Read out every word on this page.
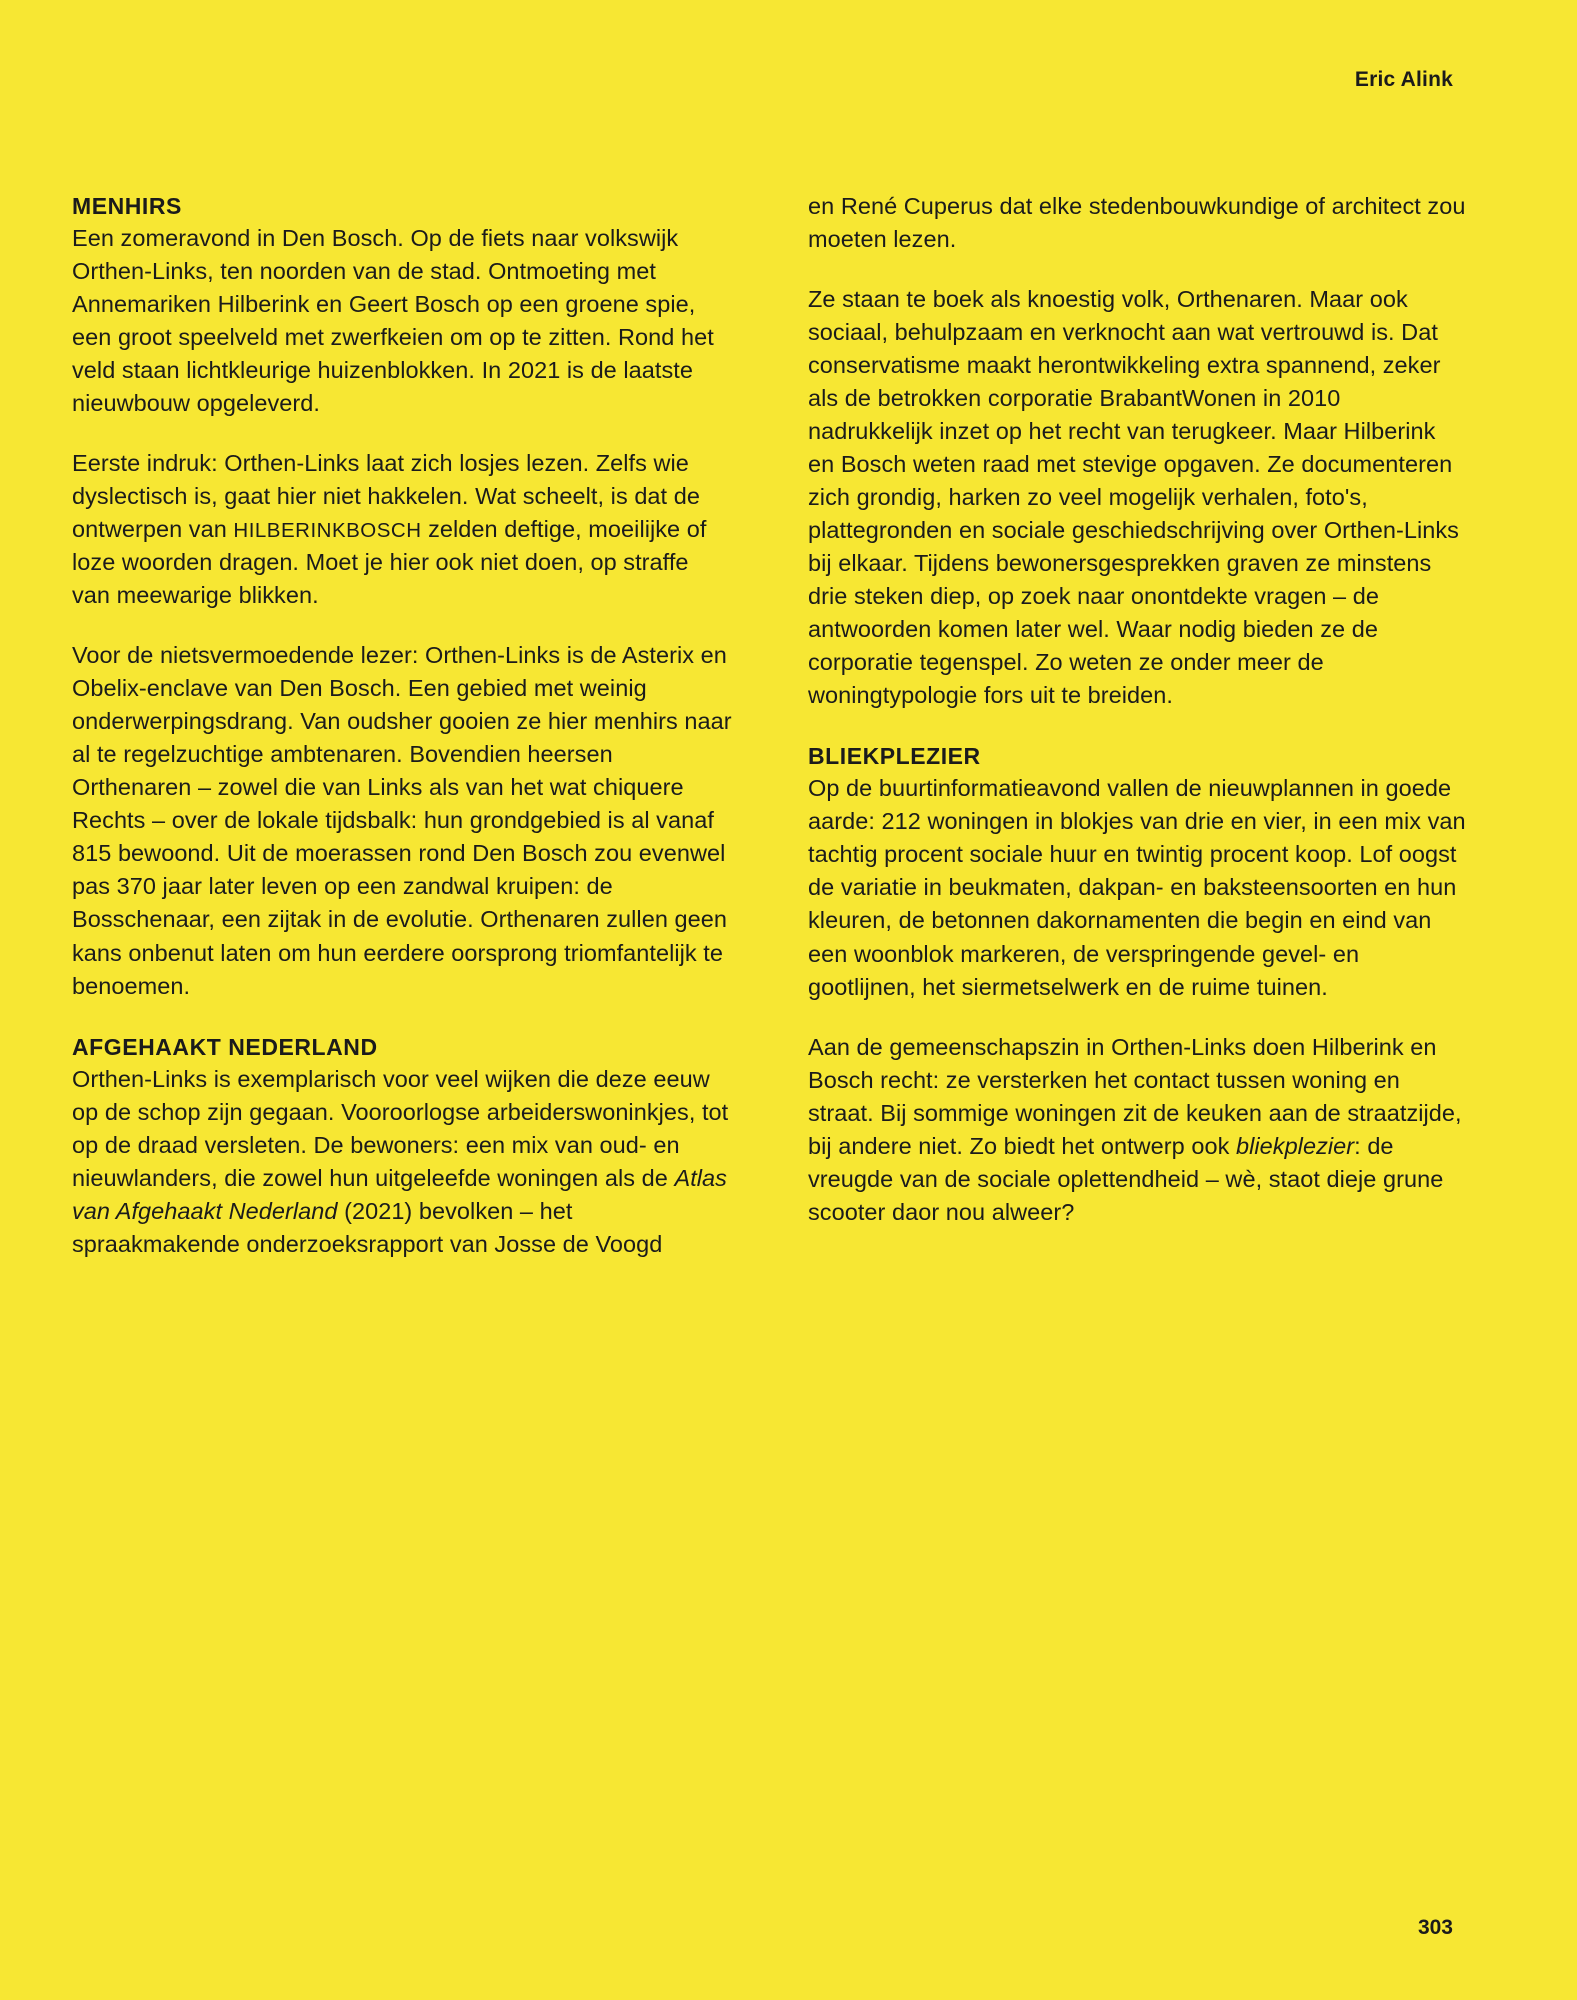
Eric Alink
MENHIRS

Een zomeravond in Den Bosch. Op de fiets naar volkswijk Orthen-Links, ten noorden van de stad. Ontmoeting met Annemariken Hilberink en Geert Bosch op een groene spie, een groot speelveld met zwerfkeien om op te zitten. Rond het veld staan lichtkleurige huizenblokken. In 2021 is de laatste nieuwbouw opgeleverd.

Eerste indruk: Orthen-Links laat zich losjes lezen. Zelfs wie dyslectisch is, gaat hier niet hakkelen. Wat scheelt, is dat de ontwerpen van HILBERINKBOSCH zelden deftige, moeilijke of loze woorden dragen. Moet je hier ook niet doen, op straffe van meewarige blikken.

Voor de nietsvermoedende lezer: Orthen-Links is de Asterix en Obelix-enclave van Den Bosch. Een gebied met weinig onderwerpingsdrang. Van oudsher gooien ze hier menhirs naar al te regelzuchtige ambtenaren. Bovendien heersen Orthenaren – zowel die van Links als van het wat chiquere Rechts – over de lokale tijdsbalk: hun grondgebied is al vanaf 815 bewoond. Uit de moerassen rond Den Bosch zou evenwel pas 370 jaar later leven op een zandwal kruipen: de Bosschenaar, een zijtak in de evolutie. Orthenaren zullen geen kans onbenut laten om hun eerdere oorsprong triomfantelijk te benoemen.

AFGEHAAKT NEDERLAND

Orthen-Links is exemplarisch voor veel wijken die deze eeuw op de schop zijn gegaan. Vooroorlogse arbeiderswoninkjes, tot op de draad versleten. De bewoners: een mix van oud- en nieuwlanders, die zowel hun uitgeleefde woningen als de Atlas van Afgehaakt Nederland (2021) bevolken – het spraakmakende onderzoeksrapport van Josse de Voogd

en René Cuperus dat elke stedenbouwkundige of architect zou moeten lezen.

Ze staan te boek als knoestig volk, Orthenaren. Maar ook sociaal, behulpzaam en verknocht aan wat vertrouwd is. Dat conservatisme maakt herontwikkeling extra spannend, zeker als de betrokken corporatie BrabantWonen in 2010 nadrukkelijk inzet op het recht van terugkeer. Maar Hilberink en Bosch weten raad met stevige opgaven. Ze documenteren zich grondig, harken zo veel mogelijk verhalen, foto's, plattegronden en sociale geschiedschrijving over Orthen-Links bij elkaar. Tijdens bewonersgesprekken graven ze minstens drie steken diep, op zoek naar onontdekte vragen – de antwoorden komen later wel. Waar nodig bieden ze de corporatie tegenspel. Zo weten ze onder meer de woningtypologie fors uit te breiden.

BLIEKPLEZIER

Op de buurtinformatieavond vallen de nieuwplannen in goede aarde: 212 woningen in blokjes van drie en vier, in een mix van tachtig procent sociale huur en twintig procent koop. Lof oogst de variatie in beukmaten, dakpan- en baksteensoorten en hun kleuren, de betonnen dakornamenten die begin en eind van een woonblok markeren, de verspringende gevel- en gootlijnen, het siermetselwerk en de ruime tuinen.

Aan de gemeenschapszin in Orthen-Links doen Hilberink en Bosch recht: ze versterken het contact tussen woning en straat. Bij sommige woningen zit de keuken aan de straatzijde, bij andere niet. Zo biedt het ontwerp ook bliekplezier: de vreugde van de sociale oplettendheid – wè, staot dieje grune scooter daor nou alweer?

303
